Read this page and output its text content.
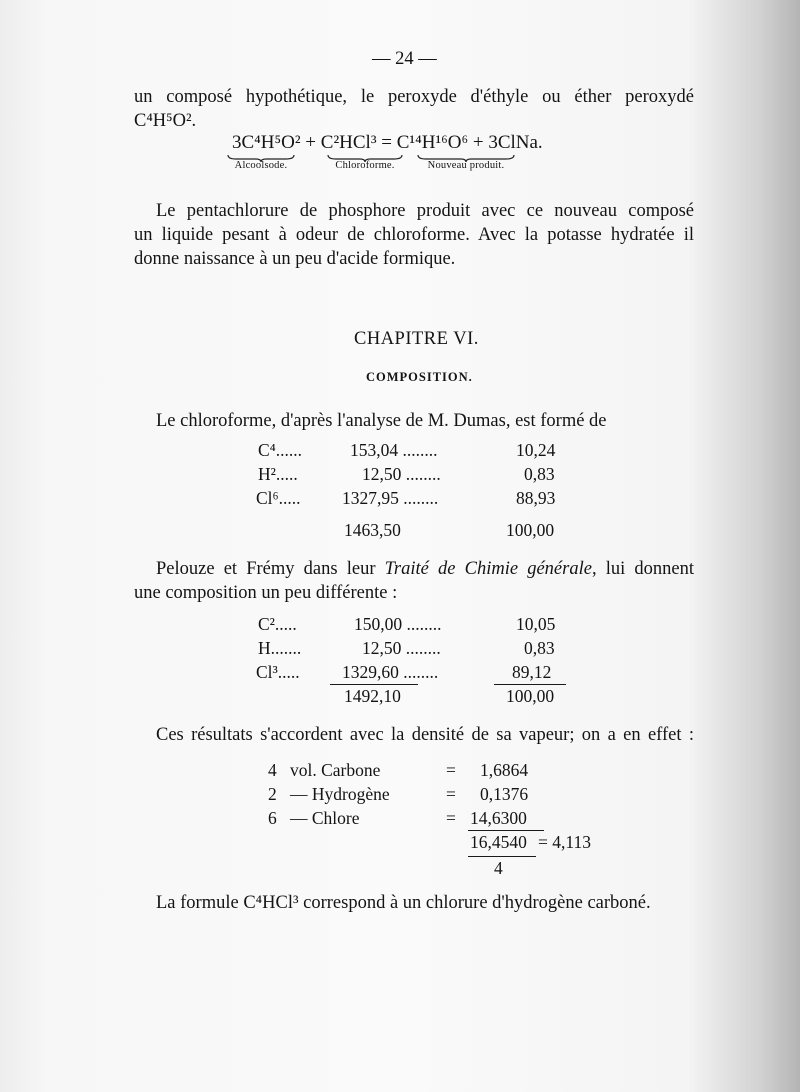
— 24 —
un composé hypothétique, le peroxyde d'éthyle ou éther peroxydé
C⁴H⁵O².
3C⁴H⁵O² + C²HCl³ = C¹⁴H¹⁶O⁶ + 3ClNa.
Alcoolsode.	Chloroforme.	Nouveau produit.
Le pentachlorure de phosphore produit avec ce nouveau composé
un liquide pesant à odeur de chloroforme. Avec la potasse hydratée il
donne naissance à un peu d'acide formique.
CHAPITRE VI.
COMPOSITION.
Le chloroforme, d'après l'analyse de M. Dumas, est formé de
C⁴......	153,04 ........	10,24
H².....	12,50 ........	0,83
Cl⁶..... 1327,95 ........	88,93
1463,50	100,00
Pelouze et Frémy dans leur Traité de Chimie générale, lui donnent
une composition un peu différente :
C².....	150,00 ........	10,05
H.......	12,50 ........	0,83
Cl³..... 1329,60 ........	89,12
1492,10	100,00
Ces résultats s'accordent avec la densité de sa vapeur; on a en effet :
4 vol. Carbone	= 1,6864
2 — Hydrogène	= 0,1376
6 — Chlore	= 14,6300
16,4540 = 4,113
4
La formule C⁴HCl³ correspond à un chlorure d'hydrogène carboné.
